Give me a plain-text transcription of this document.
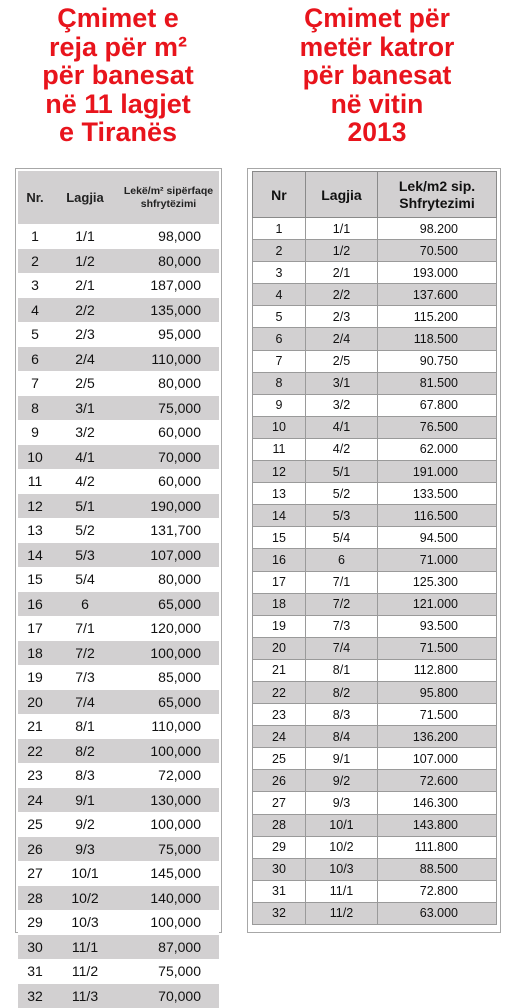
Çmimet e
reja për m²
për banesat
në 11 lagjet
e Tiranës
Çmimet për
metër katror
për banesat
në vitin
2013
Nr.	Lagjia	Lekë/m² sipërfaqe shfrytëzimi
1	1/1	98,000
2	1/2	80,000
3	2/1	187,000
4	2/2	135,000
5	2/3	95,000
6	2/4	110,000
7	2/5	80,000
8	3/1	75,000
9	3/2	60,000
10	4/1	70,000
11	4/2	60,000
12	5/1	190,000
13	5/2	131,700
14	5/3	107,000
15	5/4	80,000
16	6	65,000
17	7/1	120,000
18	7/2	100,000
19	7/3	85,000
20	7/4	65,000
21	8/1	110,000
22	8/2	100,000
23	8/3	72,000
24	9/1	130,000
25	9/2	100,000
26	9/3	75,000
27	10/1	145,000
28	10/2	140,000
29	10/3	100,000
30	11/1	87,000
31	11/2	75,000
32	11/3	70,000
Nr	Lagjia	Lek/m2 sip.
Shfrytezimi
1	1/1	98.200
2	1/2	70.500
3	2/1	193.000
4	2/2	137.600
5	2/3	115.200
6	2/4	118.500
7	2/5	90.750
8	3/1	81.500
9	3/2	67.800
10	4/1	76.500
11	4/2	62.000
12	5/1	191.000
13	5/2	133.500
14	5/3	116.500
15	5/4	94.500
16	6	71.000
17	7/1	125.300
18	7/2	121.000
19	7/3	93.500
20	7/4	71.500
21	8/1	112.800
22	8/2	95.800
23	8/3	71.500
24	8/4	136.200
25	9/1	107.000
26	9/2	72.600
27	9/3	146.300
28	10/1	143.800
29	10/2	111.800
30	10/3	88.500
31	11/1	72.800
32	11/2	63.000
